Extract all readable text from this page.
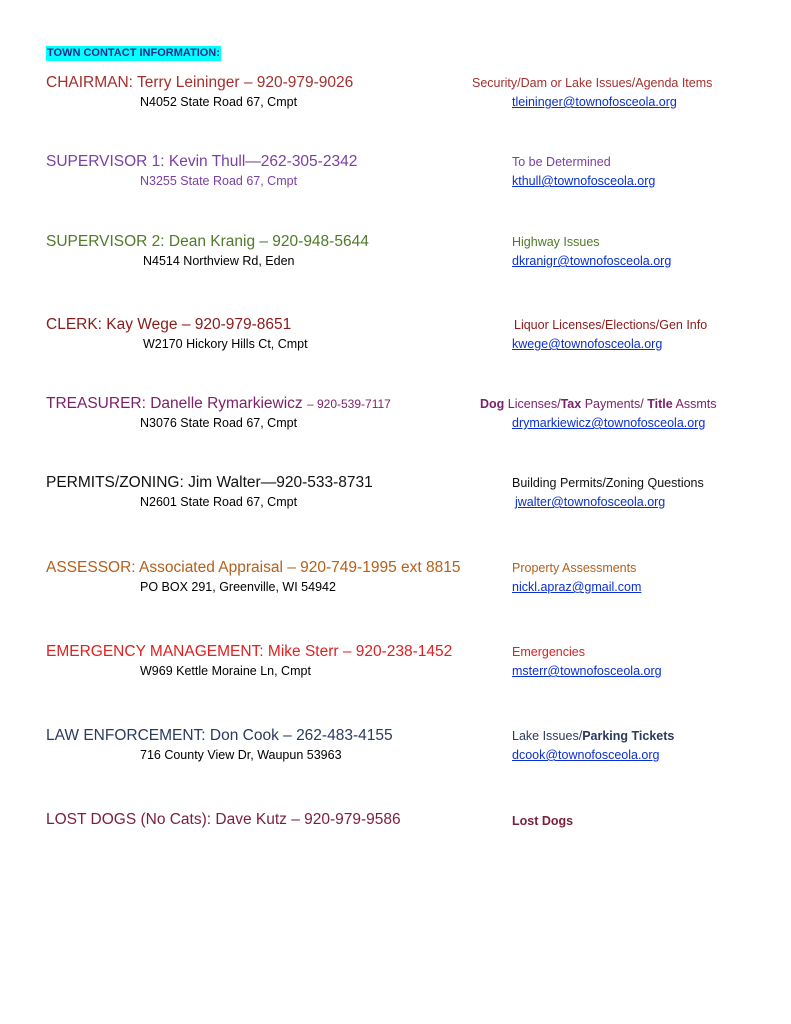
TOWN CONTACT INFORMATION:
CHAIRMAN: Terry Leininger – 920-979-9026
N4052 State Road 67, Cmpt
Security/Dam or Lake Issues/Agenda Items
tleininger@townofosceola.org
SUPERVISOR 1: Kevin Thull—262-305-2342
N3255 State Road 67, Cmpt
To be Determined
kthull@townofosceola.org
SUPERVISOR 2: Dean Kranig – 920-948-5644
N4514 Northview Rd, Eden
Highway Issues
dkranigr@townofosceola.org
CLERK: Kay Wege – 920-979-8651
W2170 Hickory Hills Ct, Cmpt
Liquor Licenses/Elections/Gen Info
kwege@townofosceola.org
TREASURER: Danelle Rymarkiewicz – 920-539-7117
N3076 State Road 67, Cmpt
Dog Licenses/Tax Payments/ Title Assmts
drymarkiewicz@townofosceola.org
PERMITS/ZONING: Jim Walter—920-533-8731
N2601 State Road 67, Cmpt
Building Permits/Zoning Questions
jwalter@townofosceola.org
ASSESSOR: Associated Appraisal – 920-749-1995 ext 8815
PO BOX 291, Greenville, WI 54942
Property Assessments
nickl.apraz@gmail.com
EMERGENCY MANAGEMENT: Mike Sterr – 920-238-1452
W969 Kettle Moraine Ln, Cmpt
Emergencies
msterr@townofosceola.org
LAW ENFORCEMENT: Don Cook – 262-483-4155
716 County View Dr, Waupun 53963
Lake Issues/Parking Tickets
dcook@townofosceola.org
LOST DOGS (No Cats): Dave Kutz – 920-979-9586	Lost Dogs
